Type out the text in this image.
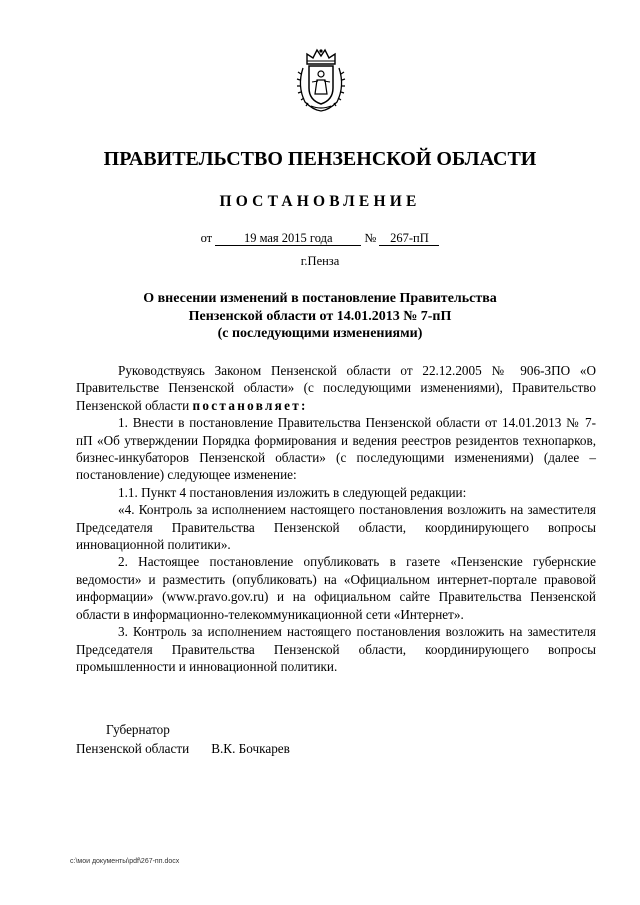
ПРАВИТЕЛЬСТВО ПЕНЗЕНСКОЙ ОБЛАСТИ
ПОСТАНОВЛЕНИЕ
от	19 мая 2015 года	№ 267-пП
г.Пенза
О внесении изменений в постановление Правительства
Пензенской области от 14.01.2013 № 7-пП
(с последующими изменениями)

Руководствуясь Законом Пензенской области от 22.12.2005 № 906-ЗПО «О Правительстве Пензенской области» (с последующими изменениями), Правительство Пензенской области постановляет:

1. Внести в постановление Правительства Пензенской области от 14.01.2013 № 7-пП «Об утверждении Порядка формирования и ведения реестров резидентов технопарков, бизнес-инкубаторов Пензенской области» (с последующими изменениями) (далее – постановление) следующее изменение:

1.1. Пункт 4 постановления изложить в следующей редакции:

«4. Контроль за исполнением настоящего постановления возложить на заместителя Председателя Правительства Пензенской области, координирующего вопросы инновационной политики».

2. Настоящее постановление опубликовать в газете «Пензенские губернские ведомости» и разместить (опубликовать) на «Официальном интернет-портале правовой информации» (www.pravo.gov.ru) и на официальном сайте Правительства Пензенской области в информационно-телекоммуникационной сети «Интернет».

3. Контроль за исполнением настоящего постановления возложить на заместителя Председателя Правительства Пензенской области, координирующего вопросы промышленности и инновационной политики.

Губернатор
Пензенской области В.К. Бочкарев
c:\мои документы\pdf\267-пп.docx
